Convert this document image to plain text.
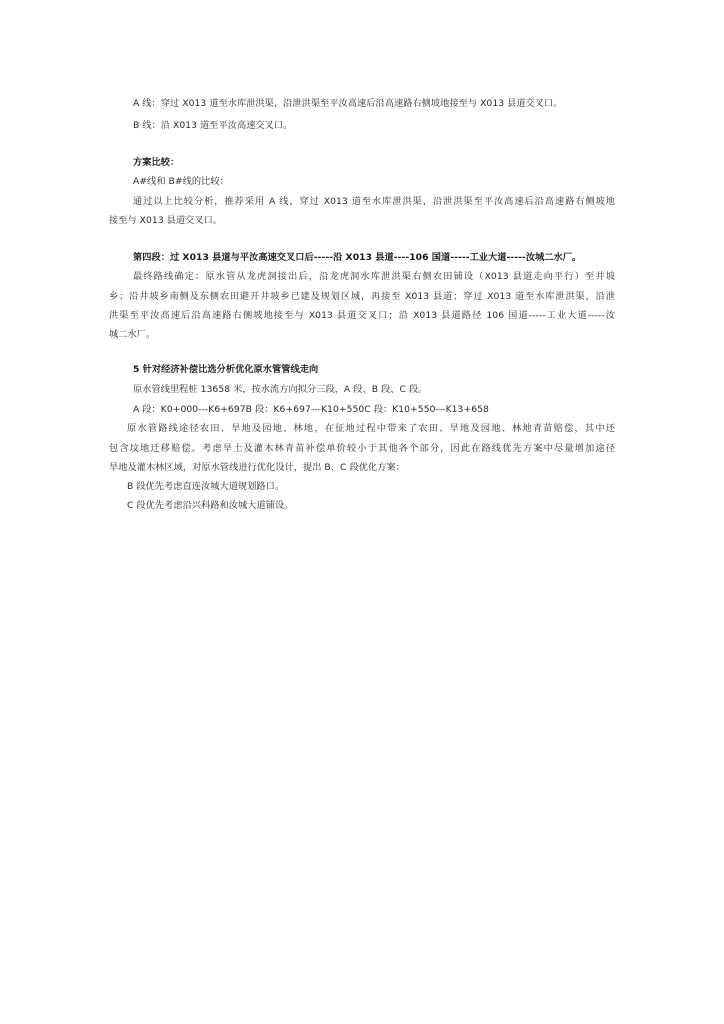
A 线：穿过 X013 道至水库泄洪渠，沿泄洪渠至平汝高速后沿高速路右侧坡地接至与 X013 县道交叉口。
B 线：沿 X013 道至平汝高速交叉口。
方案比较：
A#线和 B#线的比较：
通过以上比较分析，推荐采用 A 线，穿过 X013 道至水库泄洪渠，沿泄洪渠至平汝高速后沿高速路右侧坡地
接至与 X013 县道交叉口。
第四段：过 X013 县道与平汝高速交叉口后-----沿 X013 县道----106 国道-----工业大道-----汝城二水厂。
最终路线确定：原水管从龙虎洞接出后，沿龙虎洞水库泄洪渠右侧农田铺设（X013 县道走向平行）至井坡
乡；沿井坡乡南侧及东侧农田避开井坡乡已建及规划区域，再接至 X013 县道；穿过 X013 道至水库泄洪渠，沿泄
洪渠至平汝高速后沿高速路右侧坡地接至与 X013 县道交叉口；沿 X013 县道路径 106 国道-----工业大道-----汝
城二水厂。
5 针对经济补偿比选分析优化原水管管线走向
原水管线里程桩 13658 米，按水流方向拟分三段，A 段、B 段、C 段。
A 段：K0+000---K6+697B 段：K6+697---K10+550C 段：K10+550---K13+658
原水管路线途径农田、旱地及园地、林地，在征地过程中带来了农田、旱地及园地、林地青苗赔偿，其中还
包含坟地迁移赔偿。考虑旱土及灌木林青苗补偿单价较小于其他各个部分，因此在路线优先方案中尽量增加途径
旱地及灌木林区域，对原水管线进行优化设计，提出 B、C 段优化方案：
B 段优先考虑直连汝城大道规划路口。
C 段优先考虑沿兴科路和汝城大道铺设。
